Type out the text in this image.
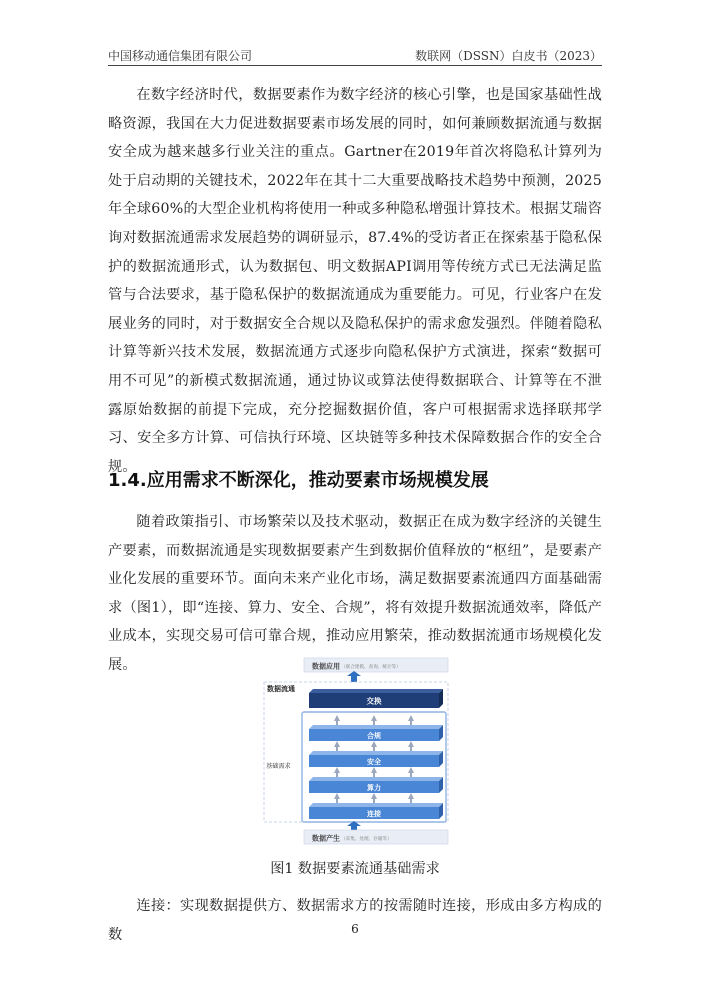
中国移动通信集团有限公司	数联网（DSSN）白皮书（2023）
在数字经济时代，数据要素作为数字经济的核心引擎，也是国家基础性战略资源，我国在大力促进数据要素市场发展的同时，如何兼顾数据流通与数据安全成为越来越多行业关注的重点。Gartner在2019年首次将隐私计算列为处于启动期的关键技术，2022年在其十二大重要战略技术趋势中预测，2025年全球60%的大型企业机构将使用一种或多种隐私增强计算技术。根据艾瑞咨询对数据流通需求发展趋势的调研显示，87.4%的受访者正在探索基于隐私保护的数据流通形式，认为数据包、明文数据API调用等传统方式已无法满足监管与合法要求，基于隐私保护的数据流通成为重要能力。可见，行业客户在发展业务的同时，对于数据安全合规以及隐私保护的需求愈发强烈。伴随着隐私计算等新兴技术发展，数据流通方式逐步向隐私保护方式演进，探索“数据可用不可见”的新模式数据流通，通过协议或算法使得数据联合、计算等在不泄露原始数据的前提下完成，充分挖掘数据价值，客户可根据需求选择联邦学习、安全多方计算、可信执行环境、区块链等多种技术保障数据合作的安全合规。
1.4.应用需求不断深化，推动要素市场规模发展
随着政策指引、市场繁荣以及技术驱动，数据正在成为数字经济的关键生产要素，而数据流通是实现数据要素产生到数据价值释放的“枢纽”，是要素产业化发展的重要环节。面向未来产业化市场，满足数据要素流通四方面基础需求（图1），即“连接、算力、安全、合规”，将有效提升数据流通效率，降低产业成本，实现交易可信可靠合规，推动应用繁荣，推动数据流通市场规模化发展。	数据应用 （联合建模、查询、统计等）
数据流通
交换
基础需求
合规
安全
算力
连接
数据产生 （采集、处理、存储等）
图1 数据要素流通基础需求
连接：实现数据提供方、数据需求方的按需随时连接，形成由多方构成的数	6
